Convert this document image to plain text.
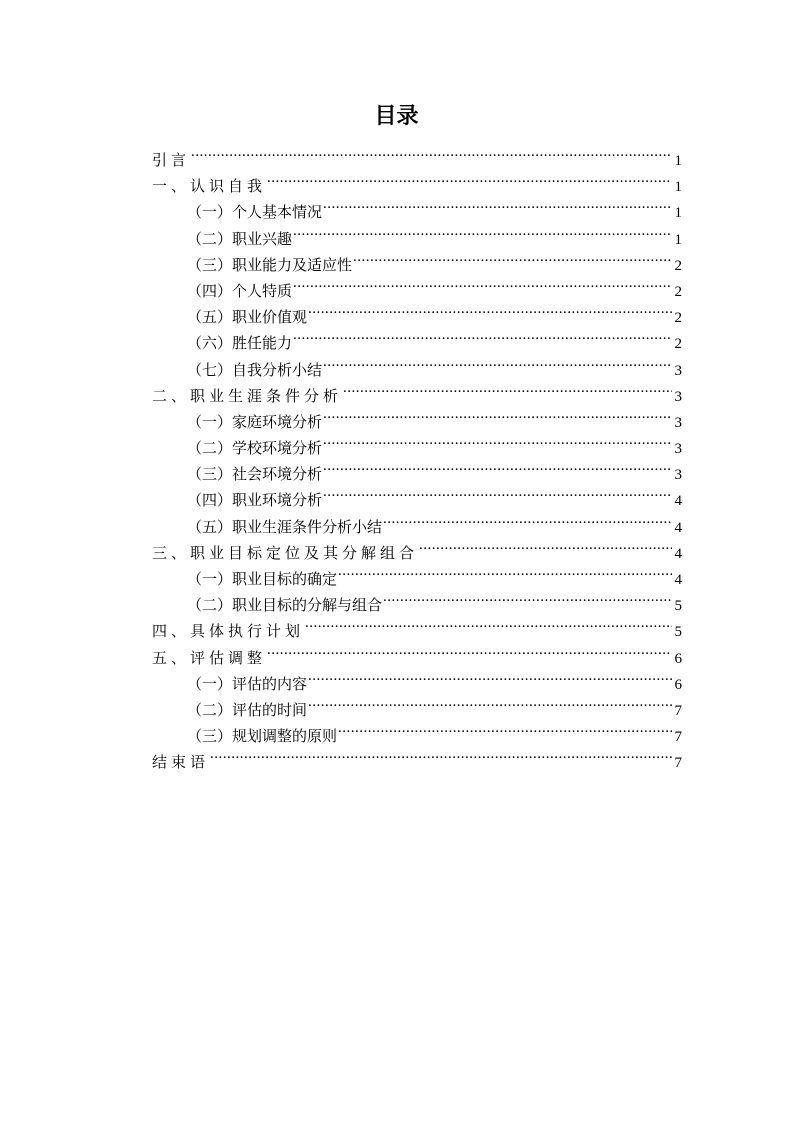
目录
引言 .....	1
一、认识自我 .....	1
（一）个人基本情况 .....	1
（二）职业兴趣 .....	1
（三）职业能力及适应性 .....	2
（四）个人特质 .....	2
（五）职业价值观 .....	2
（六）胜任能力 .....	2
（七）自我分析小结 .....	3
二、职业生涯条件分析 .....	3
（一）家庭环境分析 .....	3
（二）学校环境分析 .....	3
（三）社会环境分析 .....	3
（四）职业环境分析 .....	4
（五）职业生涯条件分析小结 .....	4
三、职业目标定位及其分解组合 .....	4
（一）职业目标的确定 .....	4
（二）职业目标的分解与组合 .....	5
四、具体执行计划 .....	5
五、评估调整 .....	6
（一）评估的内容 .....	6
（二）评估的时间 .....	7
（三）规划调整的原则 .....	7
结束语 .....	7
